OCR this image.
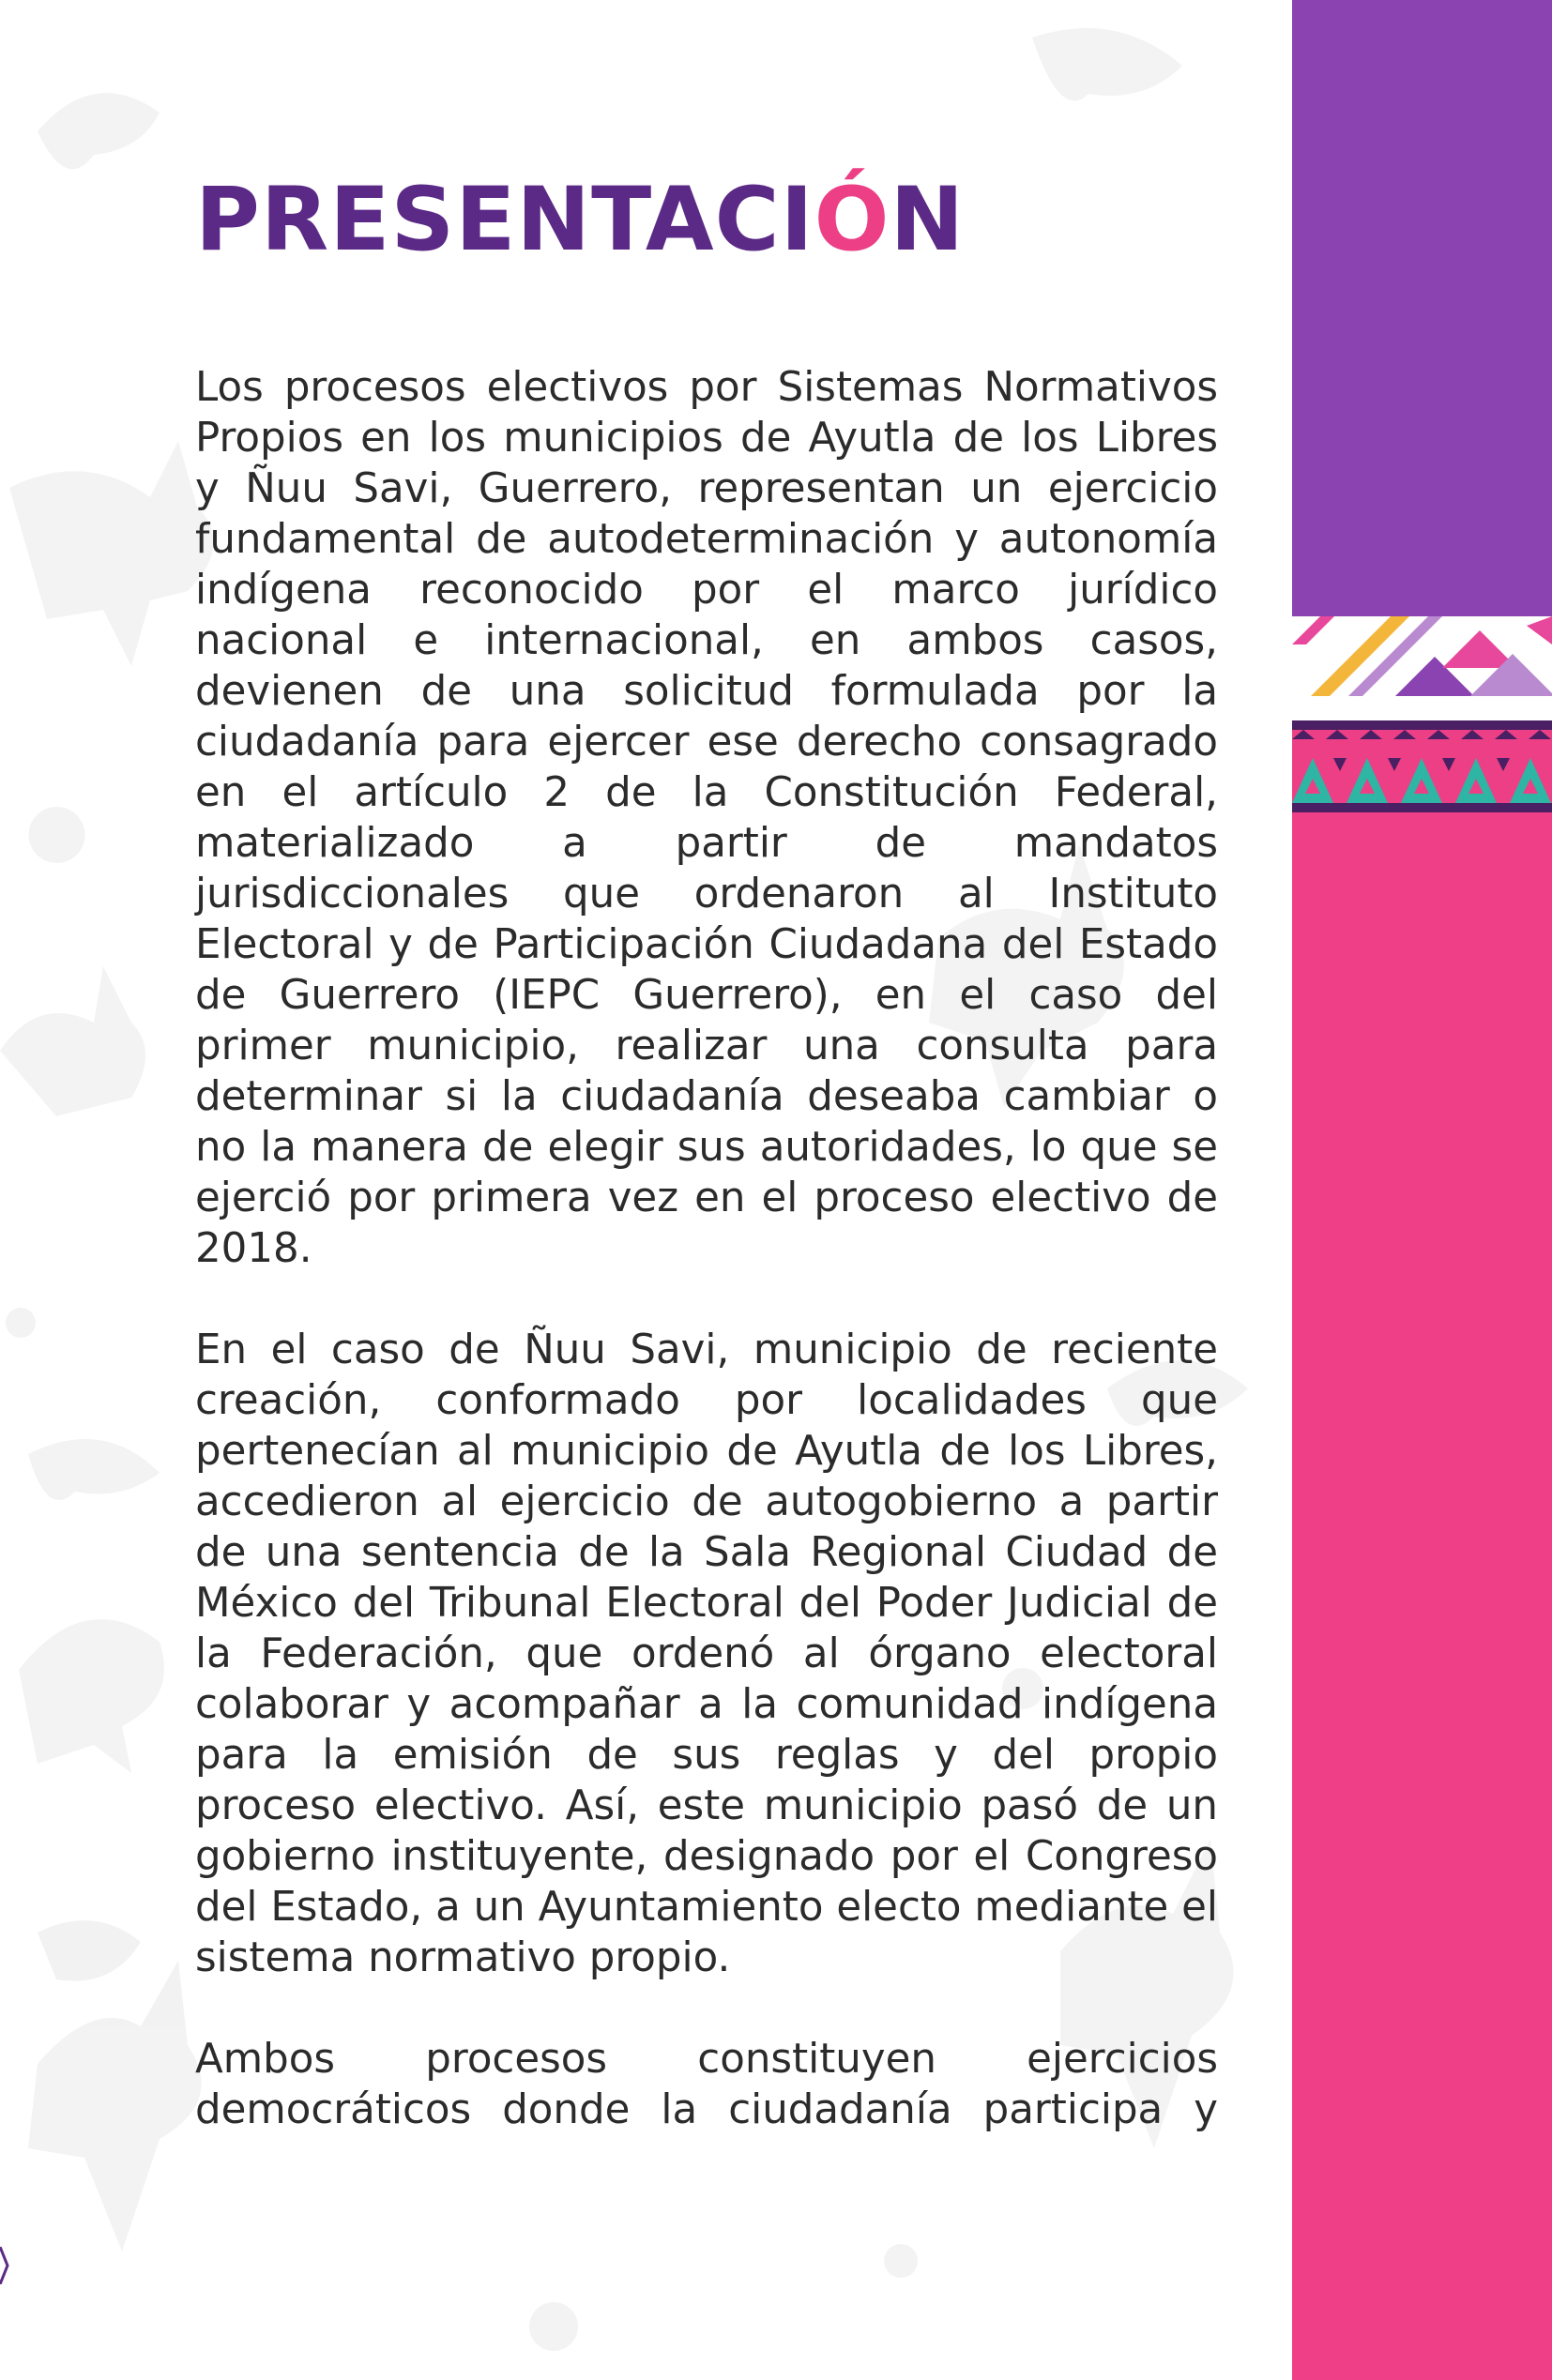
PRESENTACIÓN

Los procesos electivos por Sistemas Normativos Propios en los municipios de Ayutla de los Libres y Ñuu Savi, Guerrero, representan un ejercicio fundamental de autodeterminación y autonomía indígena reconocido por el marco jurídico nacional e internacional, en ambos casos, devienen de una solicitud formulada por la ciudadanía para ejercer ese derecho consagrado en el artículo 2 de la Constitución Federal, materializado a partir de mandatos jurisdiccionales que ordenaron al Instituto Electoral y de Participación Ciudadana del Estado de Guerrero (IEPC Guerrero), en el caso del primer municipio, realizar una consulta para determinar si la ciudadanía deseaba cambiar o no la manera de elegir sus autoridades, lo que se ejerció por primera vez en el proceso electivo de 2018.

En el caso de Ñuu Savi, municipio de reciente creación, conformado por localidades que pertenecían al municipio de Ayutla de los Libres, accedieron al ejercicio de autogobierno a partir de una sentencia de la Sala Regional Ciudad de México del Tribunal Electoral del Poder Judicial de la Federación, que ordenó al órgano electoral colaborar y acompañar a la comunidad indígena para la emisión de sus reglas y del propio proceso electivo. Así, este municipio pasó de un gobierno instituyente, designado por el Congreso del Estado, a un Ayuntamiento electo mediante el sistema normativo propio.

Ambos procesos constituyen ejercicios democráticos donde la ciudadanía participa y
